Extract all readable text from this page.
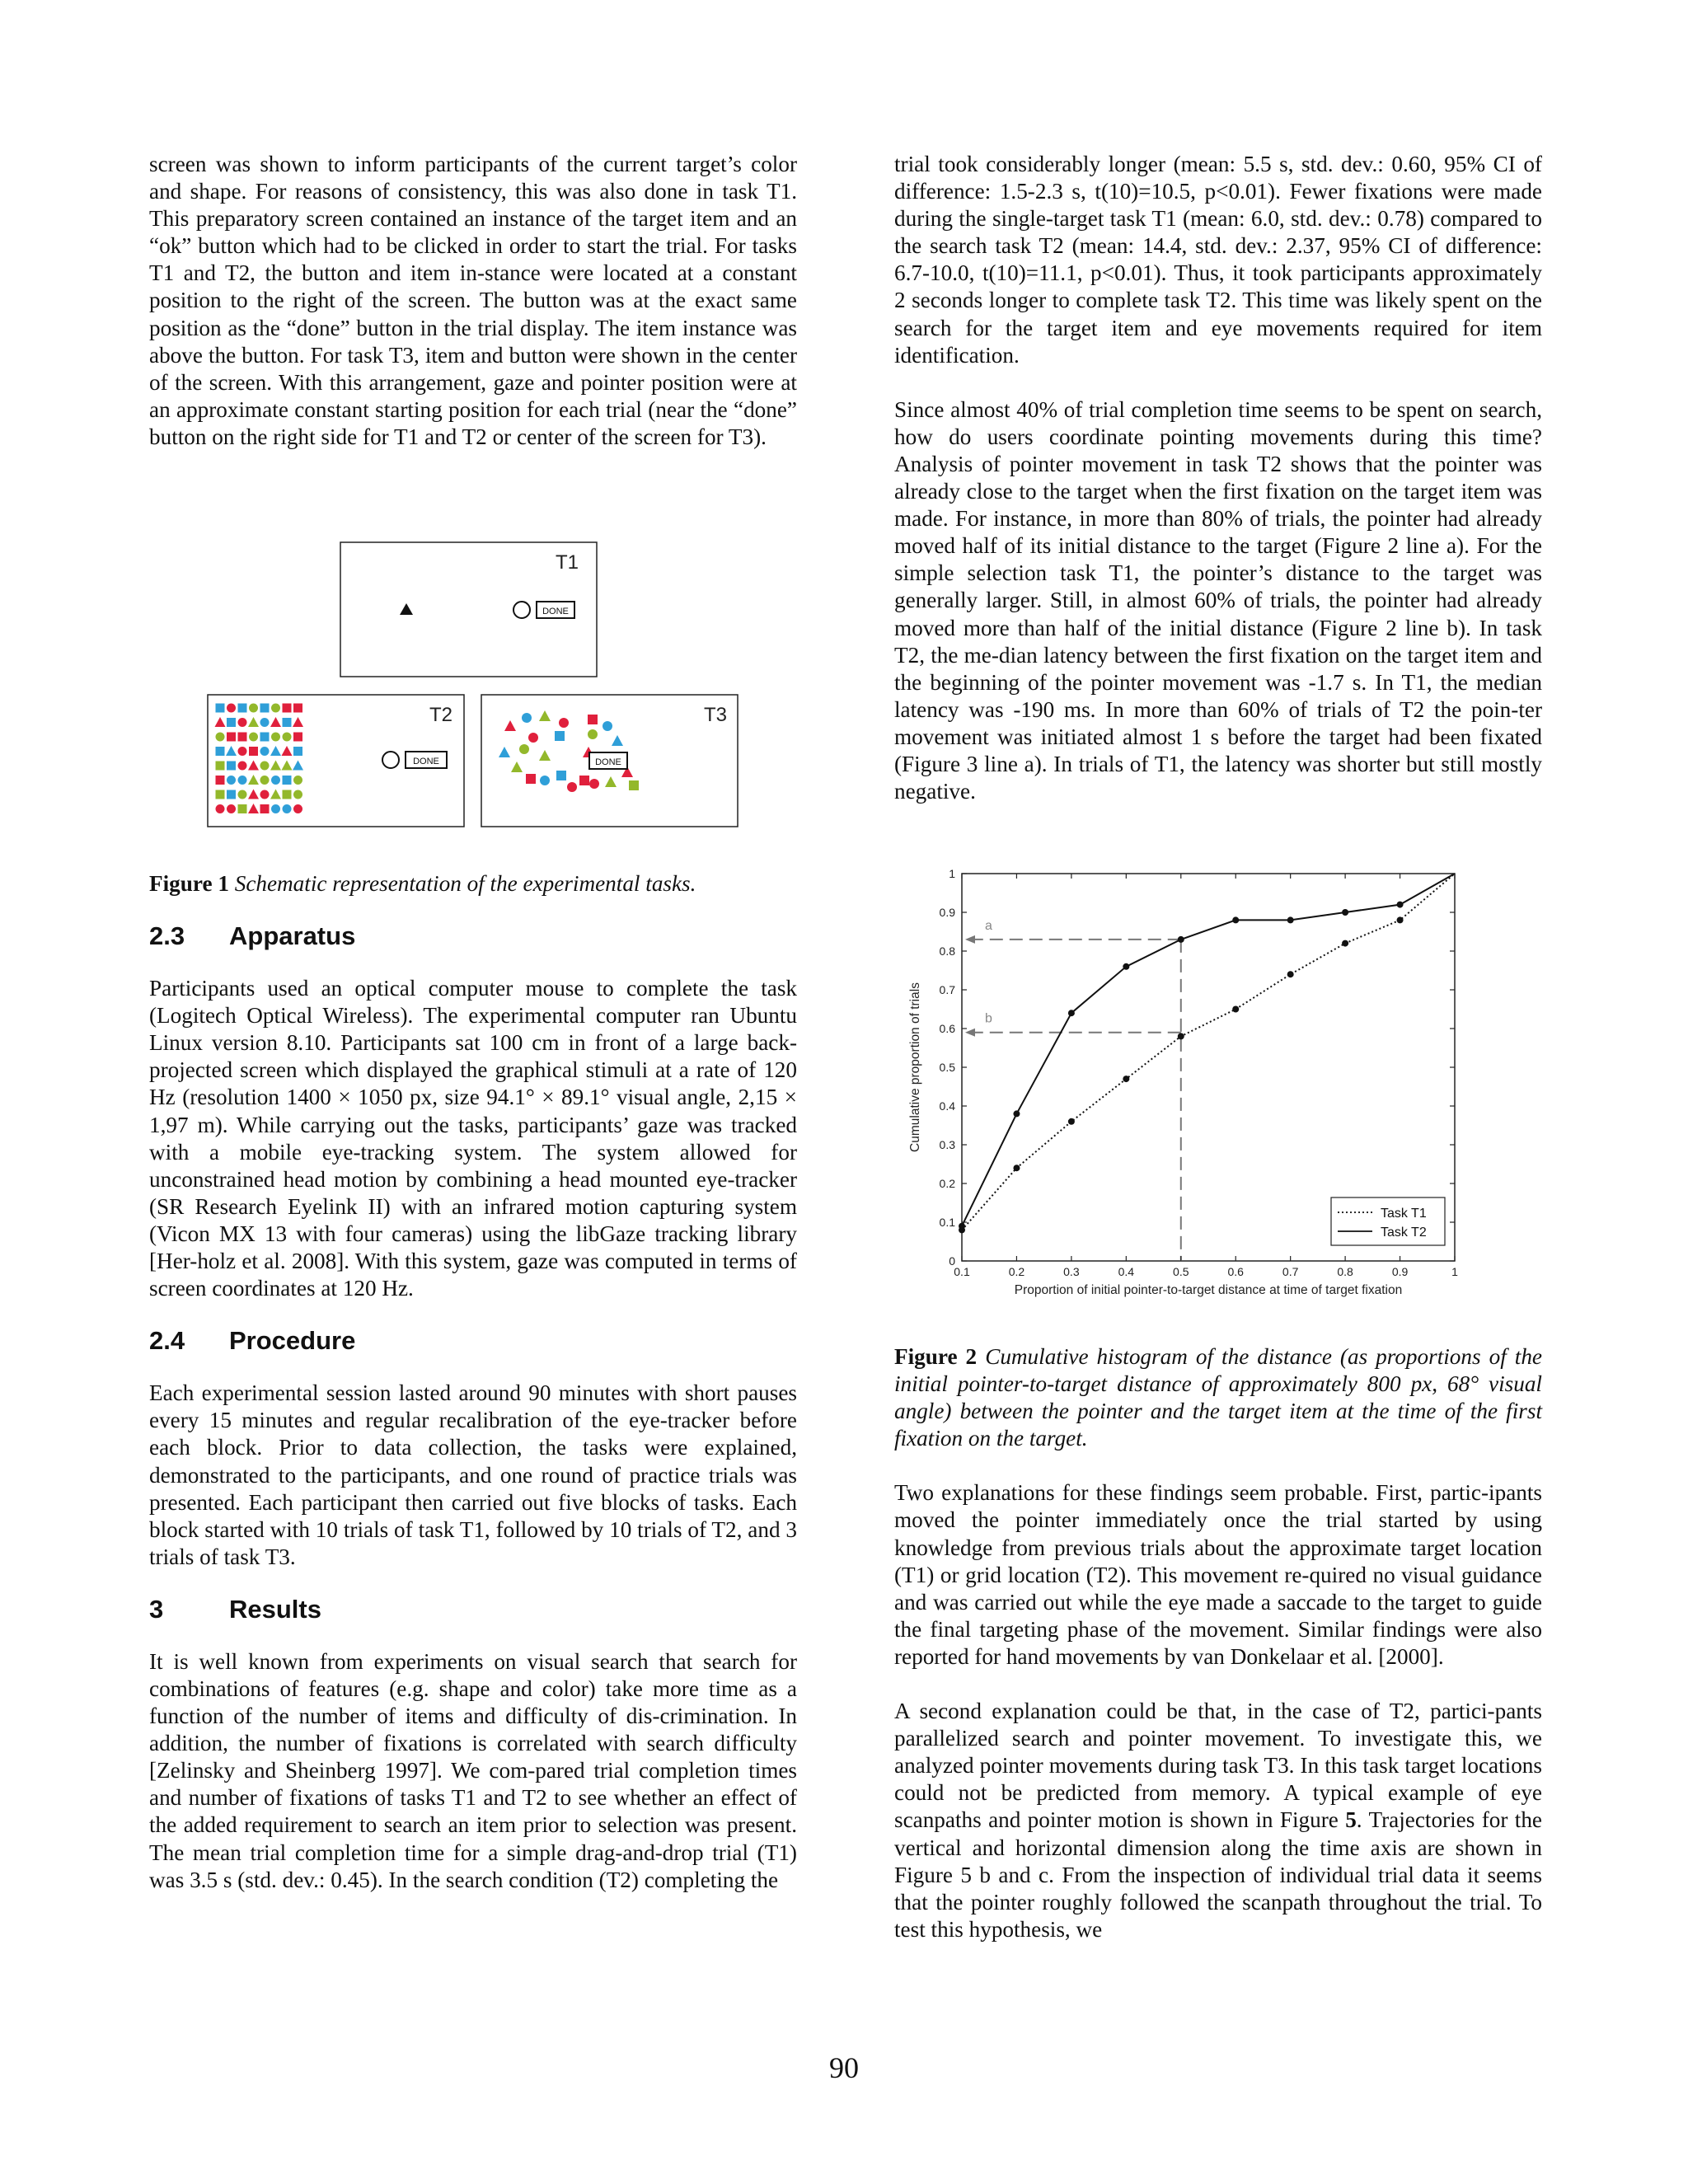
screen was shown to inform participants of the current target’s color and shape. For reasons of consistency, this was also done in task T1. This preparatory screen contained an instance of the target item and an “ok” button which had to be clicked in order to start the trial. For tasks T1 and T2, the button and item in-stance were located at a constant position to the right of the screen. The button was at the exact same position as the “done” button in the trial display. The item instance was above the button. For task T3, item and button were shown in the center of the screen. With this arrangement, gaze and pointer position were at an approximate constant starting position for each trial (near the “done” button on the right side for T1 and T2 or center of the screen for T3).

T1
DONE
T2
DONE
T3
DONE

Figure 1 Schematic representation of the experimental tasks.

2.3 Apparatus

Participants used an optical computer mouse to complete the task (Logitech Optical Wireless). The experimental computer ran Ubuntu Linux version 8.10. Participants sat 100 cm in front of a large back-projected screen which displayed the graphical stimuli at a rate of 120 Hz (resolution 1400 × 1050 px, size 94.1° × 89.1° visual angle, 2,15 × 1,97 m). While carrying out the tasks, participants’ gaze was tracked with a mobile eye-tracking system. The system allowed for unconstrained head motion by combining a head mounted eye-tracker (SR Research Eyelink II) with an infrared motion capturing system (Vicon MX 13 with four cameras) using the libGaze tracking library [Her-holz et al. 2008]. With this system, gaze was computed in terms of screen coordinates at 120 Hz.

2.4 Procedure

Each experimental session lasted around 90 minutes with short pauses every 15 minutes and regular recalibration of the eye-tracker before each block. Prior to data collection, the tasks were explained, demonstrated to the participants, and one round of practice trials was presented. Each participant then carried out five blocks of tasks. Each block started with 10 trials of task T1, followed by 10 trials of T2, and 3 trials of task T3.

3	Results

It is well known from experiments on visual search that search for combinations of features (e.g. shape and color) take more time as a function of the number of items and difficulty of dis-crimination. In addition, the number of fixations is correlated with search difficulty [Zelinsky and Sheinberg 1997]. We com-pared trial completion times and number of fixations of tasks T1 and T2 to see whether an effect of the added requirement to search an item prior to selection was present. The mean trial completion time for a simple drag-and-drop trial (T1) was 3.5 s (std. dev.: 0.45). In the search condition (T2) completing the

trial took considerably longer (mean: 5.5 s, std. dev.: 0.60, 95% CI of difference: 1.5-2.3 s, t(10)=10.5, p<0.01). Fewer fixations were made during the single-target task T1 (mean: 6.0, std. dev.: 0.78) compared to the search task T2 (mean: 14.4, std. dev.: 2.37, 95% CI of difference: 6.7-10.0, t(10)=11.1, p<0.01). Thus, it took participants approximately 2 seconds longer to complete task T2. This time was likely spent on the search for the target item and eye movements required for item identification.

Since almost 40% of trial completion time seems to be spent on search, how do users coordinate pointing movements during this time? Analysis of pointer movement in task T2 shows that the pointer was already close to the target when the first fixation on the target item was made. For instance, in more than 80% of trials, the pointer had already moved half of its initial distance to the target (Figure 2 line a). For the simple selection task T1, the pointer’s distance to the target was generally larger. Still, in almost 60% of trials, the pointer had already moved more than half of the initial distance (Figure 2 line b). In task T2, the me-dian latency between the first fixation on the target item and the beginning of the pointer movement was -1.7 s. In T1, the median latency was -190 ms. In more than 60% of trials of T2 the poin-ter movement was initiated almost 1 s before the target had been fixated (Figure 3 line a). In trials of T1, the latency was shorter but still mostly negative.

a
b
0.1	0.2	0.3	0.4	0.5	0.6	0.7	0.8	0.9	1
0
0.1
0.2
0.3
0.4
0.5
0.6
0.7
0.8
0.9
1
Proportion of initial pointer-to-target distance at time of target fixation
Cumulative proportion of trials
Task T1
Task T2

Figure 2 Cumulative histogram of the distance (as proportions of the initial pointer-to-target distance of approximately 800 px, 68° visual angle) between the pointer and the target item at the time of the first fixation on the target.

Two explanations for these findings seem probable. First, partic-ipants moved the pointer immediately once the trial started by using knowledge from previous trials about the approximate target location (T1) or grid location (T2). This movement re-quired no visual guidance and was carried out while the eye made a saccade to the target to guide the final targeting phase of the movement. Similar findings were also reported for hand movements by van Donkelaar et al. [2000].

A second explanation could be that, in the case of T2, partici-pants parallelized search and pointer movement. To investigate this, we analyzed pointer movements during task T3. In this task target locations could not be predicted from memory. A typical example of eye scanpaths and pointer motion is shown in Figure 5. Trajectories for the vertical and horizontal dimension along the time axis are shown in Figure 5 b and c. From the inspection of individual trial data it seems that the pointer roughly followed the scanpath throughout the trial. To test this hypothesis, we

90
